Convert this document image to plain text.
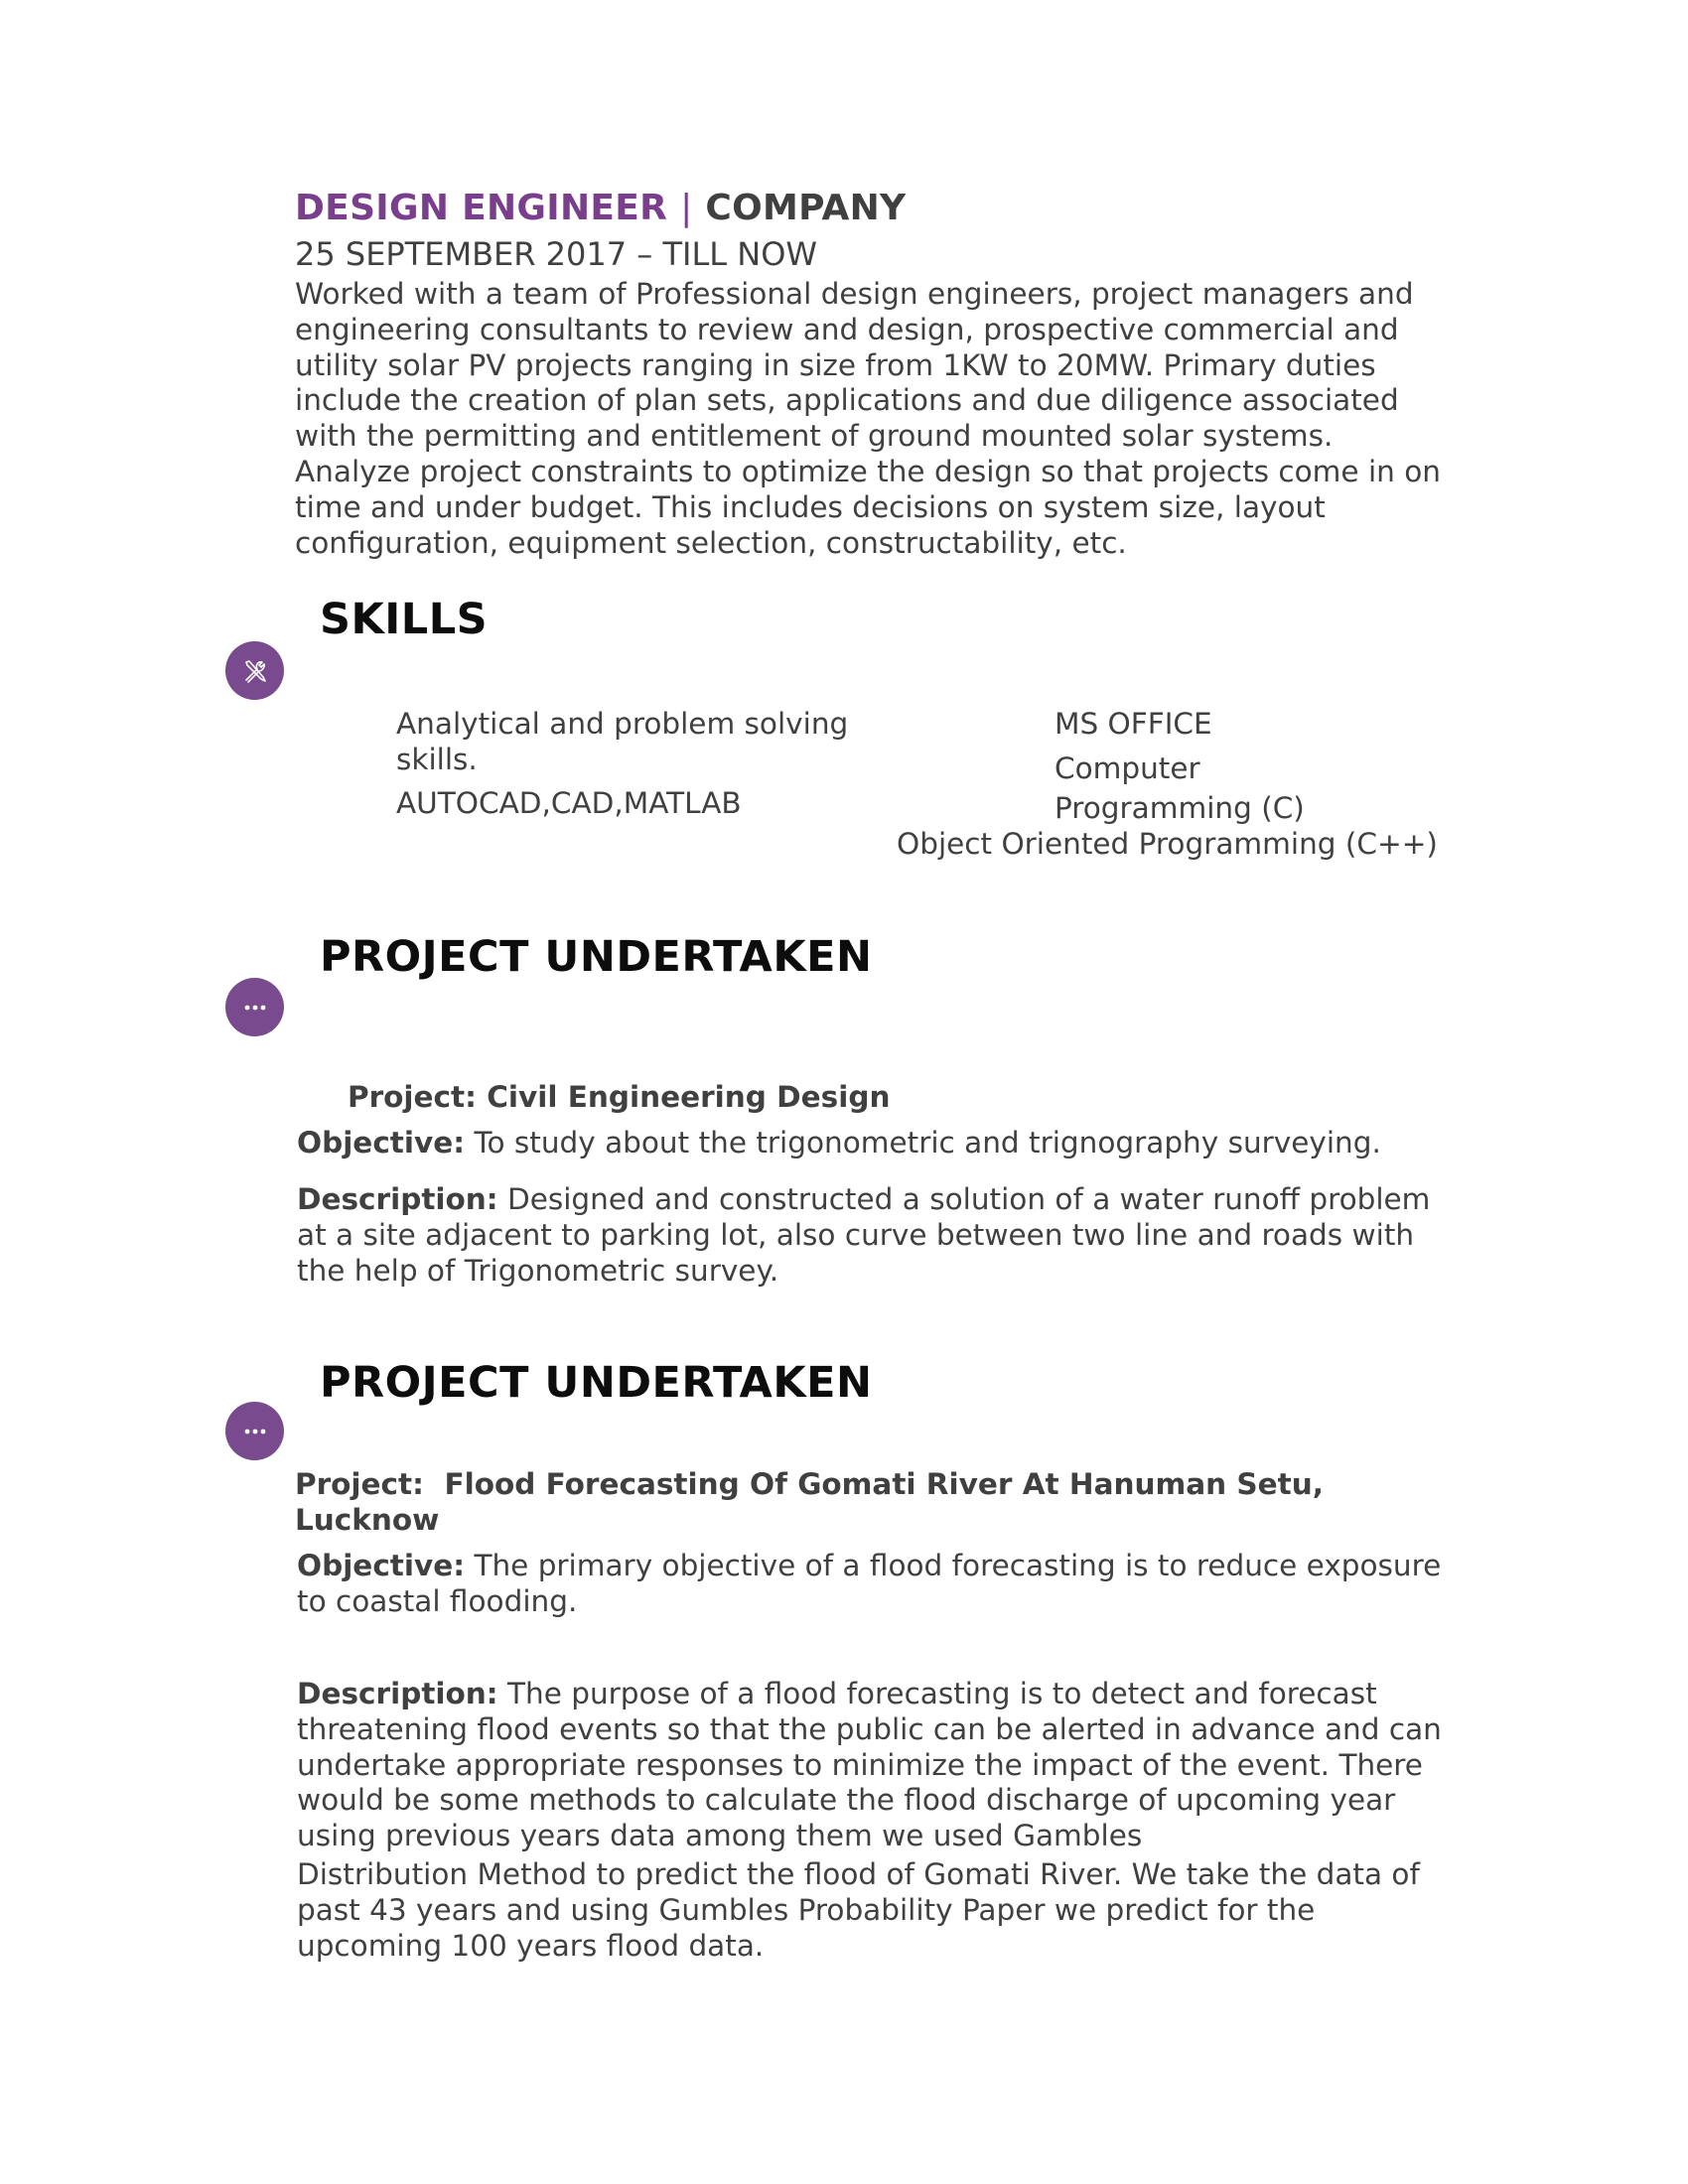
DESIGN ENGINEER | COMPANY
25 SEPTEMBER 2017 – TILL NOW
Worked with a team of Professional design engineers, project managers and
engineering consultants to review and design, prospective commercial and
utility solar PV projects ranging in size from 1KW to 20MW. Primary duties
include the creation of plan sets, applications and due diligence associated
with the permitting and entitlement of ground mounted solar systems.
Analyze project constraints to optimize the design so that projects come in on
time and under budget. This includes decisions on system size, layout
configuration, equipment selection, constructability, etc.
SKILLS
Analytical and problem solving
skills.
AUTOCAD,CAD,MATLAB
MS OFFICE
Computer
Programming (C)
Object Oriented Programming (C++)
PROJECT UNDERTAKEN
Project: Civil Engineering Design
Objective: To study about the trigonometric and trignography surveying.
Description: Designed and constructed a solution of a water runoff problem
at a site adjacent to parking lot, also curve between two line and roads with
the help of Trigonometric survey.
PROJECT UNDERTAKEN
Project: Flood Forecasting Of Gomati River At Hanuman Setu,
Lucknow
Objective: The primary objective of a flood forecasting is to reduce exposure
to coastal flooding.
Description: The purpose of a flood forecasting is to detect and forecast
threatening flood events so that the public can be alerted in advance and can
undertake appropriate responses to minimize the impact of the event. There
would be some methods to calculate the flood discharge of upcoming year
using previous years data among them we used Gambles
Distribution Method to predict the flood of Gomati River. We take the data of
past 43 years and using Gumbles Probability Paper we predict for the
upcoming 100 years flood data.
